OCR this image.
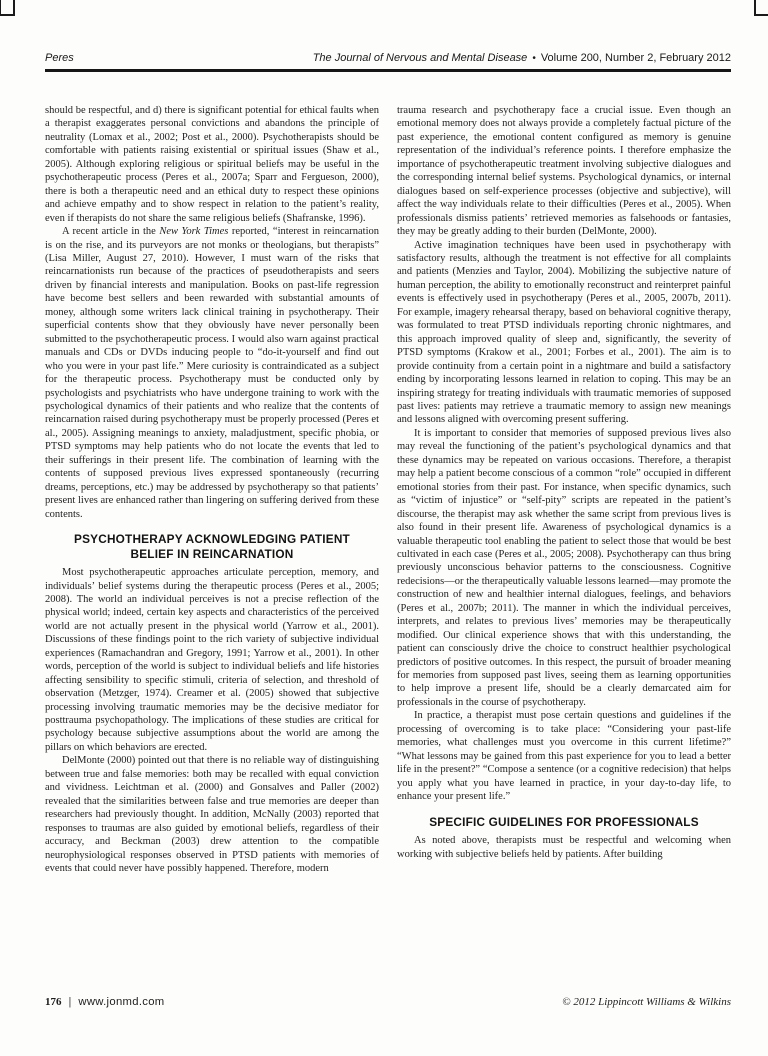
Peres	The Journal of Nervous and Mental Disease • Volume 200, Number 2, February 2012

should be respectful, and d) there is significant potential for ethical faults when a therapist exaggerates personal convictions and abandons the principle of neutrality (Lomax et al., 2002; Post et al., 2000). Psychotherapists should be comfortable with patients raising existential or spiritual issues (Shaw et al., 2005). Although exploring religious or spiritual beliefs may be useful in the psychotherapeutic process (Peres et al., 2007a; Sparr and Fergueson, 2000), there is both a therapeutic need and an ethical duty to respect these opinions and achieve empathy and to show respect in relation to the patient’s reality, even if therapists do not share the same religious beliefs (Shafranske, 1996).

A recent article in the New York Times reported, “interest in reincarnation is on the rise, and its purveyors are not monks or theologians, but therapists” (Lisa Miller, August 27, 2010). However, I must warn of the risks that reincarnationists run because of the practices of pseudotherapists and seers driven by financial interests and manipulation. Books on past-life regression have become best sellers and been rewarded with substantial amounts of money, although some writers lack clinical training in psychotherapy. Their superficial contents show that they obviously have never personally been submitted to the psychotherapeutic process. I would also warn against practical manuals and CDs or DVDs inducing people to “do-it-yourself and find out who you were in your past life.” Mere curiosity is contraindicated as a subject for the therapeutic process. Psychotherapy must be conducted only by psychologists and psychiatrists who have undergone training to work with the psychological dynamics of their patients and who realize that the contents of reincarnation raised during psychotherapy must be properly processed (Peres et al., 2005). Assigning meanings to anxiety, maladjustment, specific phobia, or PTSD symptoms may help patients who do not locate the events that led to their sufferings in their present life. The combination of learning with the contents of supposed previous lives expressed spontaneously (recurring dreams, perceptions, etc.) may be addressed by psychotherapy so that patients’ present lives are enhanced rather than lingering on suffering derived from these contents.

PSYCHOTHERAPY ACKNOWLEDGING PATIENT
BELIEF IN REINCARNATION

Most psychotherapeutic approaches articulate perception, memory, and individuals’ belief systems during the therapeutic process (Peres et al., 2005; 2008). The world an individual perceives is not a precise reflection of the physical world; indeed, certain key aspects and characteristics of the perceived world are not actually present in the physical world (Yarrow et al., 2001). Discussions of these findings point to the rich variety of subjective individual experiences (Ramachandran and Gregory, 1991; Yarrow et al., 2001). In other words, perception of the world is subject to individual beliefs and life histories affecting sensibility to specific stimuli, criteria of selection, and threshold of observation (Metzger, 1974). Creamer et al. (2005) showed that subjective processing involving traumatic memories may be the decisive mediator for posttrauma psychopathology. The implications of these studies are critical for psychology because subjective assumptions about the world are among the pillars on which behaviors are erected.

DelMonte (2000) pointed out that there is no reliable way of distinguishing between true and false memories: both may be recalled with equal conviction and vividness. Leichtman et al. (2000) and Gonsalves and Paller (2002) revealed that the similarities between false and true memories are deeper than researchers had previously thought. In addition, McNally (2003) reported that responses to traumas are also guided by emotional beliefs, regardless of their accuracy, and Beckman (2003) drew attention to the compatible neurophysiological responses observed in PTSD patients with memories of events that could never have possibly happened. Therefore, modern

trauma research and psychotherapy face a crucial issue. Even though an emotional memory does not always provide a completely factual picture of the past experience, the emotional content configured as memory is genuine representation of the individual’s reference points. I therefore emphasize the importance of psychotherapeutic treatment involving subjective dialogues and the corresponding internal belief systems. Psychological dynamics, or internal dialogues based on self-experience processes (objective and subjective), will affect the way individuals relate to their difficulties (Peres et al., 2005). When professionals dismiss patients’ retrieved memories as falsehoods or fantasies, they may be greatly adding to their burden (DelMonte, 2000).

Active imagination techniques have been used in psychotherapy with satisfactory results, although the treatment is not effective for all complaints and patients (Menzies and Taylor, 2004). Mobilizing the subjective nature of human perception, the ability to emotionally reconstruct and reinterpret painful events is effectively used in psychotherapy (Peres et al., 2005, 2007b, 2011). For example, imagery rehearsal therapy, based on behavioral cognitive therapy, was formulated to treat PTSD individuals reporting chronic nightmares, and this approach improved quality of sleep and, significantly, the severity of PTSD symptoms (Krakow et al., 2001; Forbes et al., 2001). The aim is to provide continuity from a certain point in a nightmare and build a satisfactory ending by incorporating lessons learned in relation to coping. This may be an inspiring strategy for treating individuals with traumatic memories of supposed past lives: patients may retrieve a traumatic memory to assign new meanings and lessons aligned with overcoming present suffering.

It is important to consider that memories of supposed previous lives also may reveal the functioning of the patient’s psychological dynamics and that these dynamics may be repeated on various occasions. Therefore, a therapist may help a patient become conscious of a common “role” occupied in different emotional stories from their past. For instance, when specific dynamics, such as “victim of injustice” or “self-pity” scripts are repeated in the patient’s discourse, the therapist may ask whether the same script from previous lives is also found in their present life. Awareness of psychological dynamics is a valuable therapeutic tool enabling the patient to select those that would be best cultivated in each case (Peres et al., 2005; 2008). Psychotherapy can thus bring previously unconscious behavior patterns to the consciousness. Cognitive redecisions—or the therapeutically valuable lessons learned—may promote the construction of new and healthier internal dialogues, feelings, and behaviors (Peres et al., 2007b; 2011). The manner in which the individual perceives, interprets, and relates to previous lives’ memories may be therapeutically modified. Our clinical experience shows that with this understanding, the patient can consciously drive the choice to construct healthier psychological predictors of positive outcomes. In this respect, the pursuit of broader meaning for memories from supposed past lives, seeing them as learning opportunities to help improve a present life, should be a clearly demarcated aim for professionals in the course of psychotherapy.

In practice, a therapist must pose certain questions and guidelines if the processing of overcoming is to take place: “Considering your past-life memories, what challenges must you overcome in this current lifetime?” “What lessons may be gained from this past experience for you to lead a better life in the present?” “Compose a sentence (or a cognitive redecision) that helps you apply what you have learned in practice, in your day-to-day life, to enhance your present life.”

SPECIFIC GUIDELINES FOR PROFESSIONALS

As noted above, therapists must be respectful and welcoming when working with subjective beliefs held by patients. After building

176 | www.jonmd.com	© 2012 Lippincott Williams & Wilkins
